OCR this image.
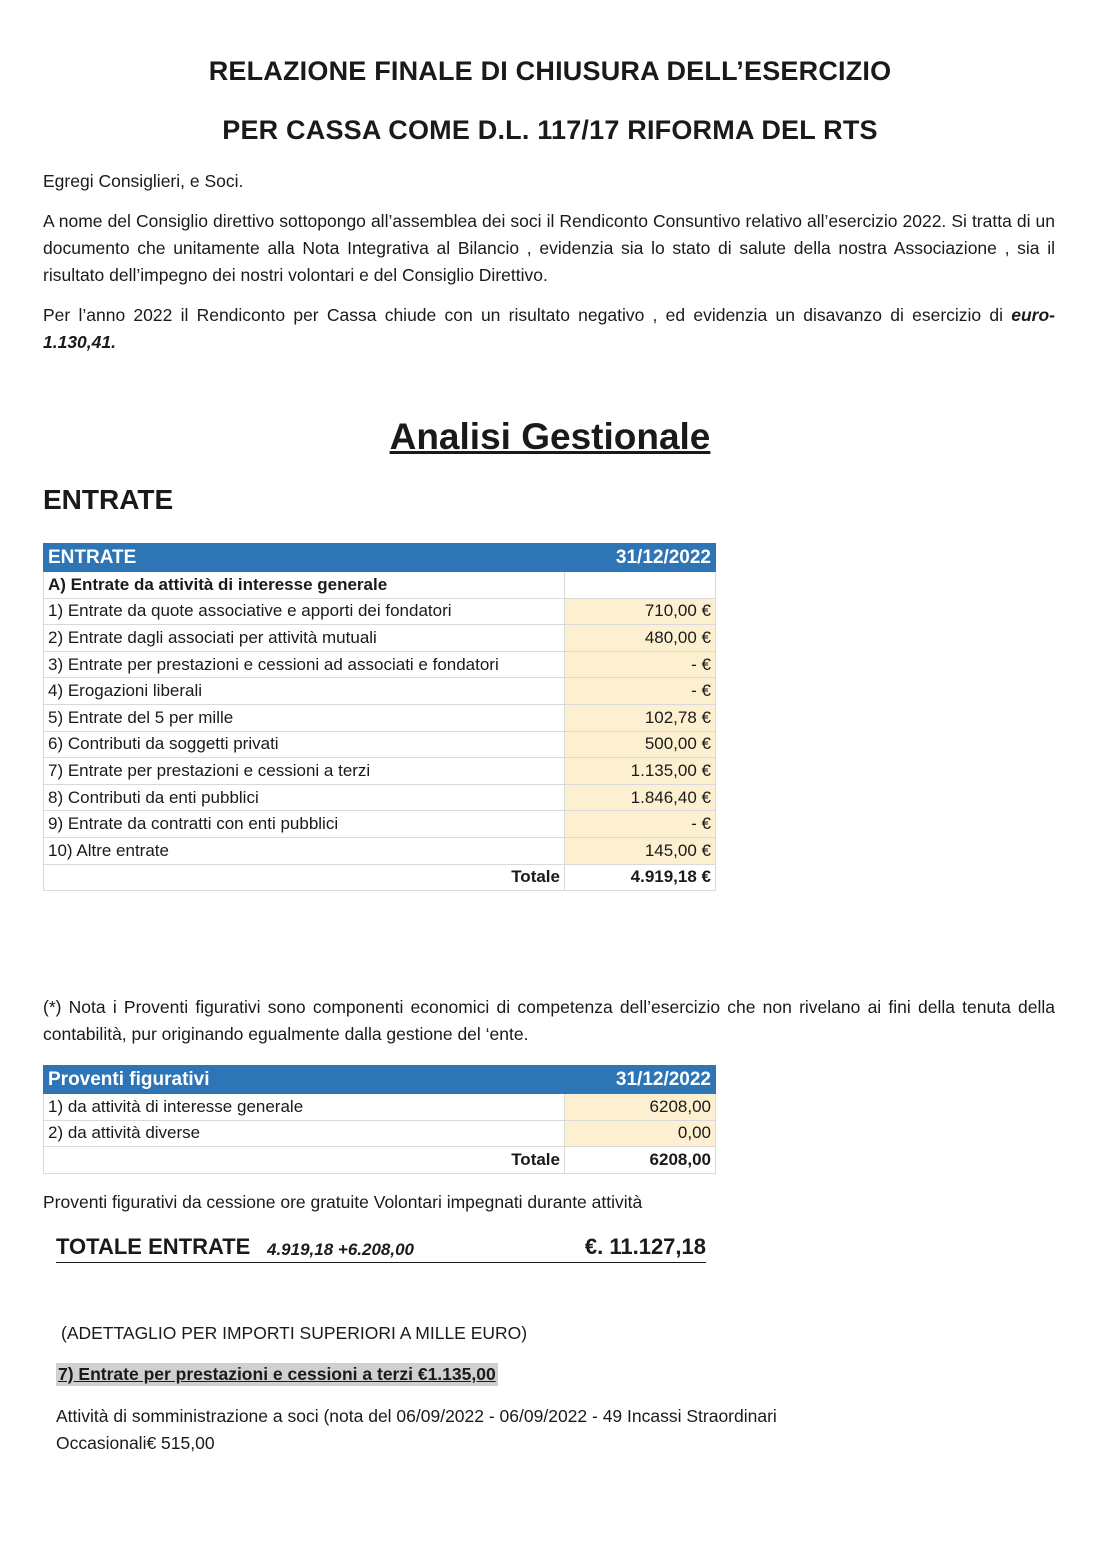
RELAZIONE FINALE DI CHIUSURA DELL’ESERCIZIO
PER CASSA COME D.L. 117/17 RIFORMA DEL RTS
Egregi Consiglieri, e Soci.
A nome del Consiglio direttivo sottopongo all’assemblea dei soci il Rendiconto Consuntivo relativo all’esercizio 2022. Si tratta di un documento che unitamente alla Nota Integrativa al Bilancio , evidenzia sia lo stato di salute della nostra Associazione , sia il risultato dell’impegno dei nostri volontari e del Consiglio Direttivo.
Per l’anno 2022 il Rendiconto per Cassa chiude con un risultato negativo , ed evidenzia un disavanzo di esercizio di euro-1.130,41.
Analisi Gestionale
ENTRATE
ENTRATE	31/12/2022
A) Entrate da attività di interesse generale	
1) Entrate da quote associative e apporti dei fondatori	710,00 €
2) Entrate dagli associati per attività mutuali	480,00 €
3) Entrate per prestazioni e cessioni ad associati e fondatori	- €
4) Erogazioni liberali	- €
5) Entrate del 5 per mille	102,78 €
6) Contributi da soggetti privati	500,00 €
7) Entrate per prestazioni e cessioni a terzi	1.135,00 €
8) Contributi da enti pubblici	1.846,40 €
9) Entrate da contratti con enti pubblici	- €
10) Altre entrate	145,00 €
Totale	4.919,18 €
(*) Nota i Proventi figurativi sono componenti economici di competenza dell’esercizio che non rivelano ai fini della tenuta della contabilità, pur originando egualmente dalla gestione del ‘ente.
Proventi figurativi	31/12/2022
1) da attività di interesse generale	6208,00
2) da attività diverse	0,00
Totale	6208,00
Proventi figurativi da cessione ore gratuite Volontari impegnati durante attività
TOTALE ENTRATE 4.919,18 +6.208,00	€. 11.127,18
(ADETTAGLIO PER IMPORTI SUPERIORI A MILLE EURO)
7) Entrate per prestazioni e cessioni a terzi €1.135,00
Attività di somministrazione a soci (nota del 06/09/2022 - 06/09/2022 - 49 Incassi Straordinari
Occasionali€ 515,00
